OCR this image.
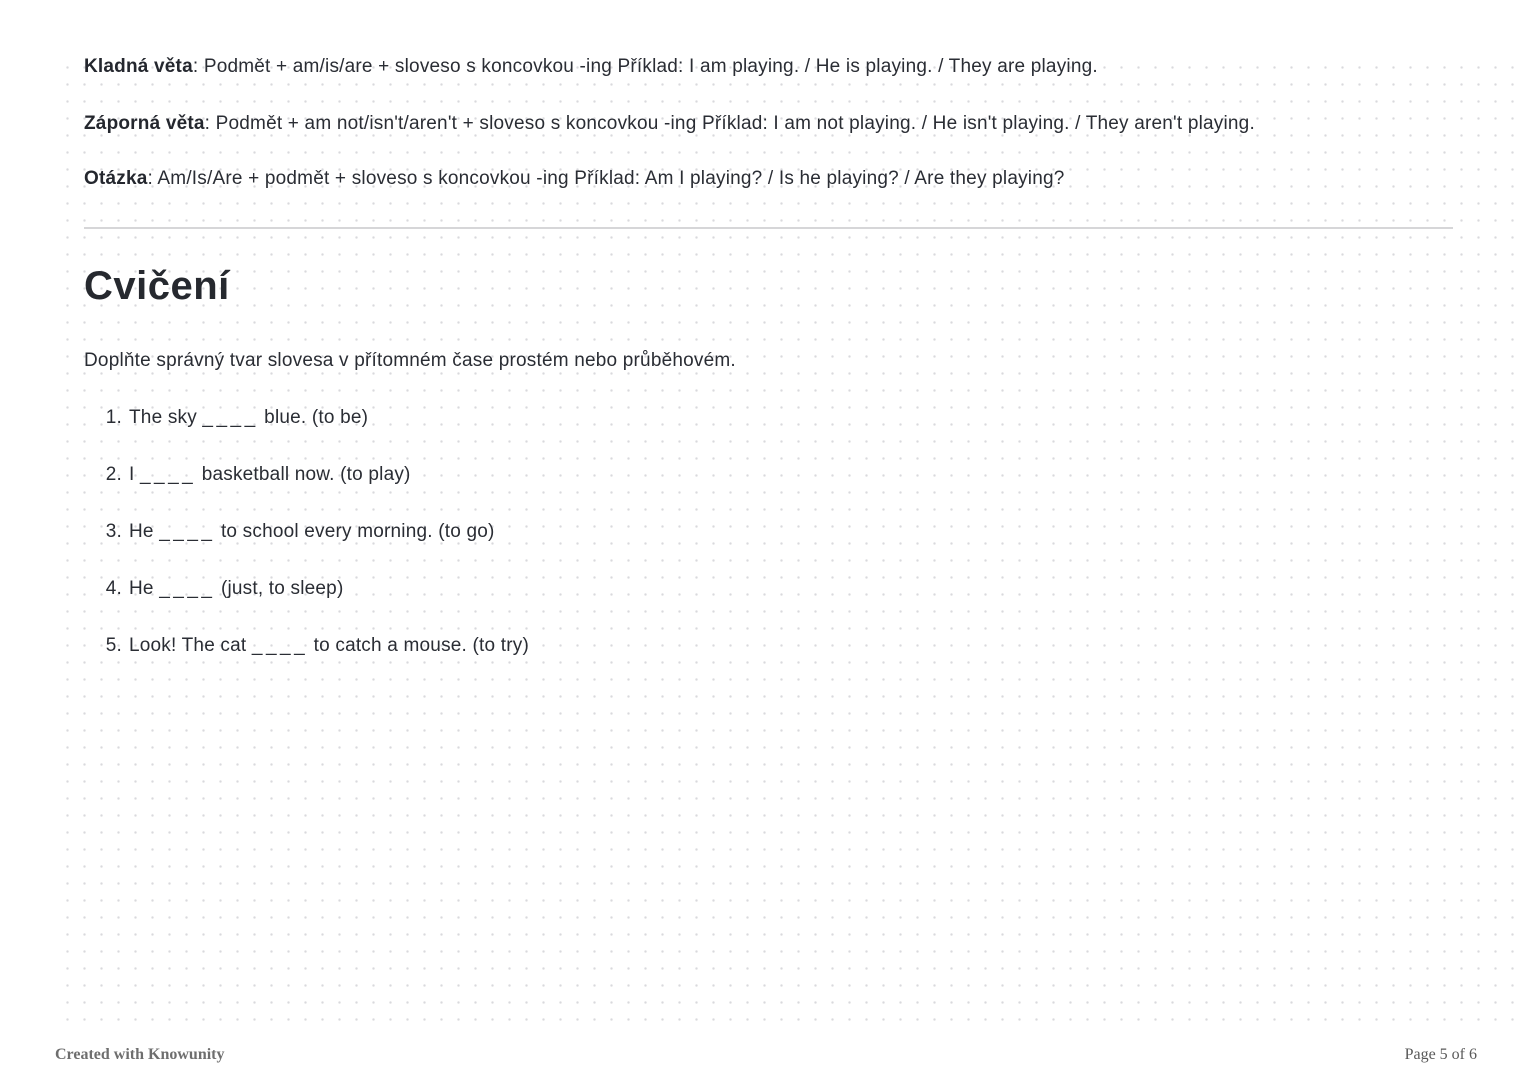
Kladná věta: Podmět + am/is/are + sloveso s koncovkou -ing Příklad: I am playing. / He is playing. / They are playing.

Záporná věta: Podmět + am not/isn't/aren't + sloveso s koncovkou -ing Příklad: I am not playing. / He isn't playing. / They aren't playing.

Otázka: Am/Is/Are + podmět + sloveso s koncovkou -ing Příklad: Am I playing? / Is he playing? / Are they playing?

Cvičení

Doplňte správný tvar slovesa v přítomném čase prostém nebo průběhovém.

1. The sky ____ blue. (to be)
2. I ____ basketball now. (to play)
3. He ____ to school every morning. (to go)
4. He ____ (just, to sleep)
5. Look! The cat ____ to catch a mouse. (to try)
Created with Knowunity	Page 5 of 6
